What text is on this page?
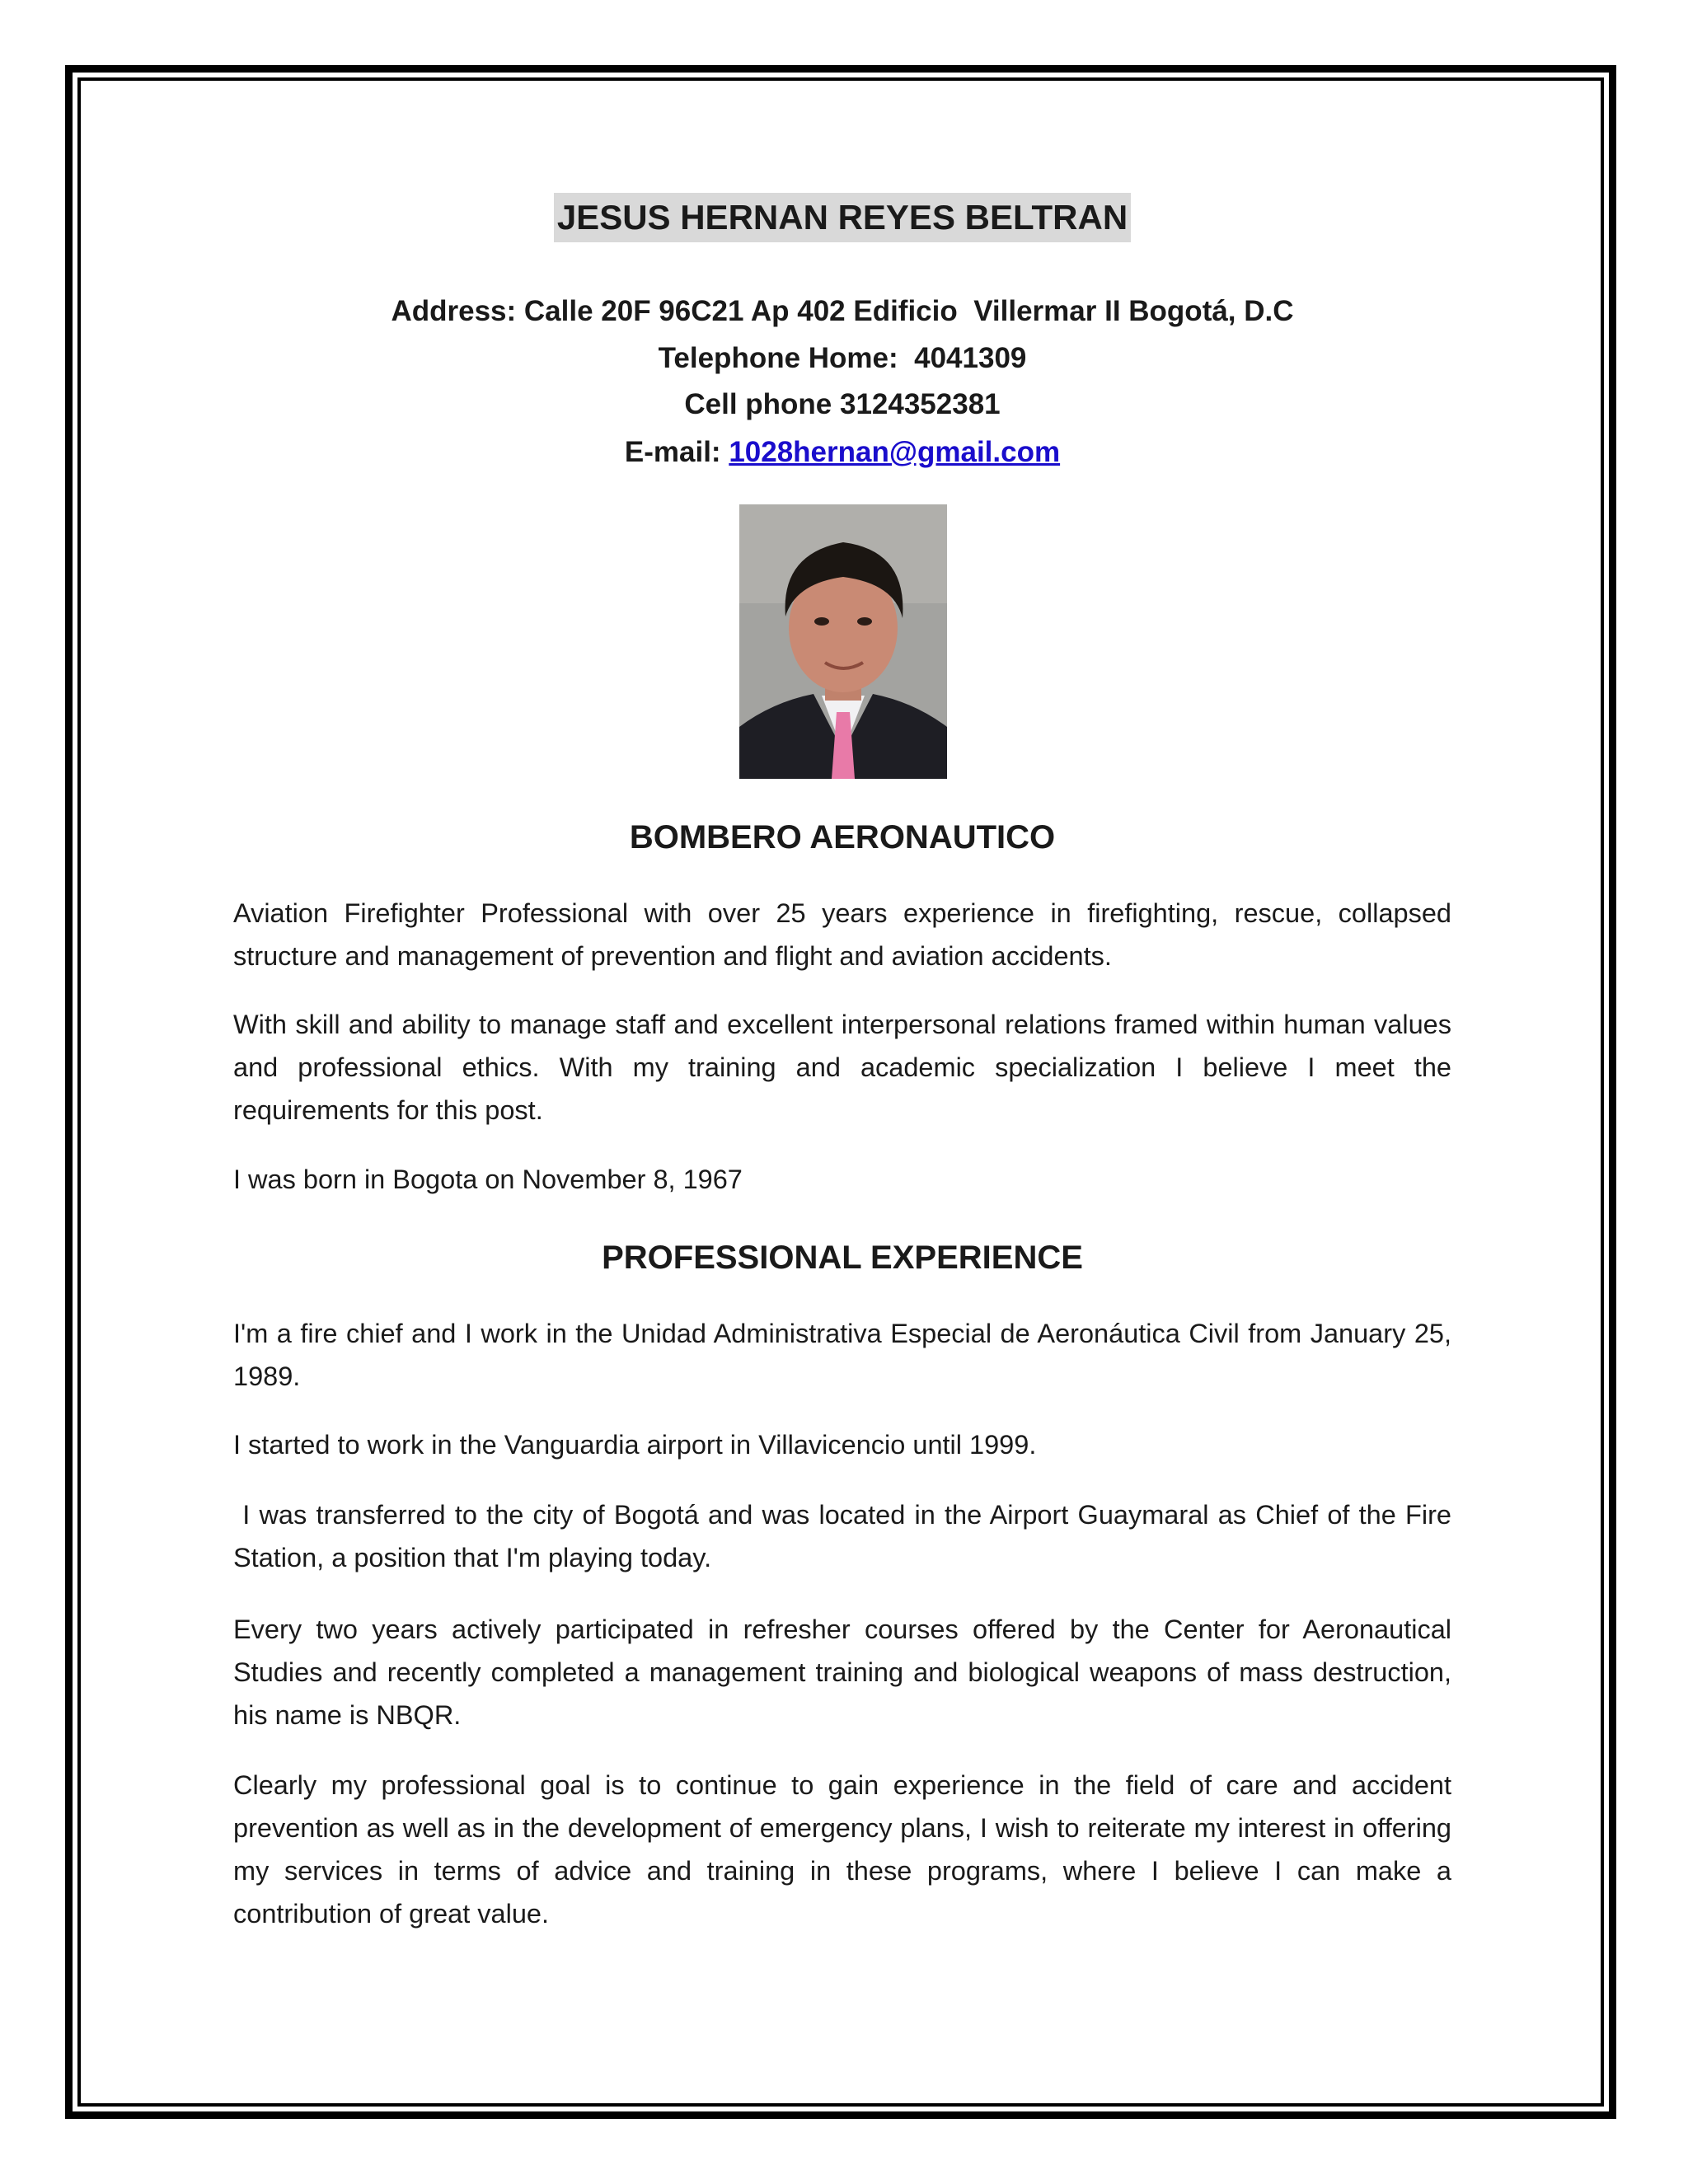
JESUS HERNAN REYES BELTRAN
Address: Calle 20F 96C21 Ap 402 Edificio  Villermar II Bogotá, D.C
Telephone Home:  4041309
Cell phone 3124352381
E-mail: 1028hernan@gmail.com
BOMBERO AERONAUTICO
Aviation Firefighter Professional with over 25 years experience in firefighting, rescue, collapsed structure and management of prevention and flight and aviation accidents.
With skill and ability to manage staff and excellent interpersonal relations framed within human values and professional ethics. With my training and academic specialization I believe I meet the requirements for this post.
I was born in Bogota on November 8, 1967
PROFESSIONAL EXPERIENCE
I'm a fire chief and I work in the Unidad Administrativa Especial de Aeronáutica Civil from January 25, 1989.
I started to work in the Vanguardia airport in Villavicencio until 1999.
I was transferred to the city of Bogotá and was located in the Airport Guaymaral as Chief of the Fire Station, a position that I'm playing today.
Every two years actively participated in refresher courses offered by the Center for Aeronautical Studies and recently completed a management training and biological weapons of mass destruction, his name is NBQR.
Clearly my professional goal is to continue to gain experience in the field of care and accident prevention as well as in the development of emergency plans, I wish to reiterate my interest in offering my services in terms of advice and training in these programs, where I believe I can make a contribution of great value.
